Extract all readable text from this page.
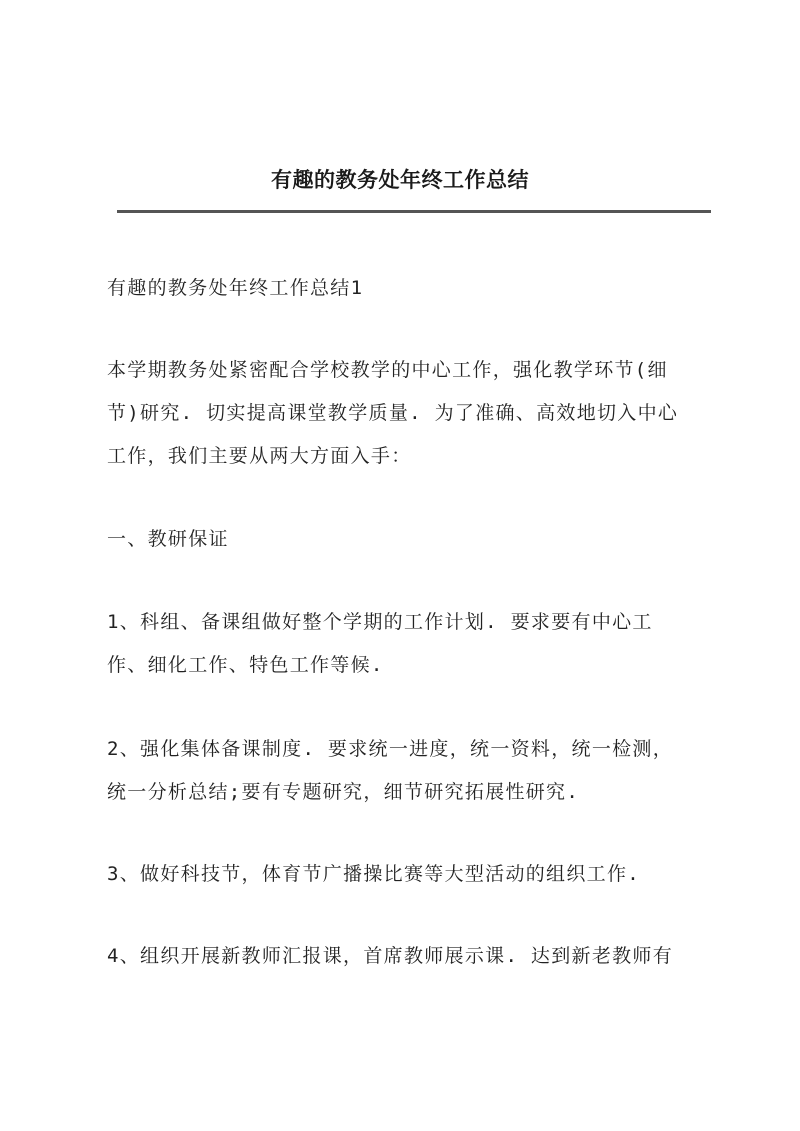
有趣的教务处年终工作总结
有趣的教务处年终工作总结1
本学期教务处紧密配合学校教学的中心工作，强化教学环节(细
节)研究. 切实提高课堂教学质量. 为了准确、高效地切入中心
工作，我们主要从两大方面入手：
一、教研保证
1、科组、备课组做好整个学期的工作计划. 要求要有中心工
作、细化工作、特色工作等候.
2、强化集体备课制度. 要求统一进度，统一资料，统一检测，
统一分析总结;要有专题研究，细节研究拓展性研究.
3、做好科技节，体育节广播操比赛等大型活动的组织工作.
4、组织开展新教师汇报课，首席教师展示课. 达到新老教师有
